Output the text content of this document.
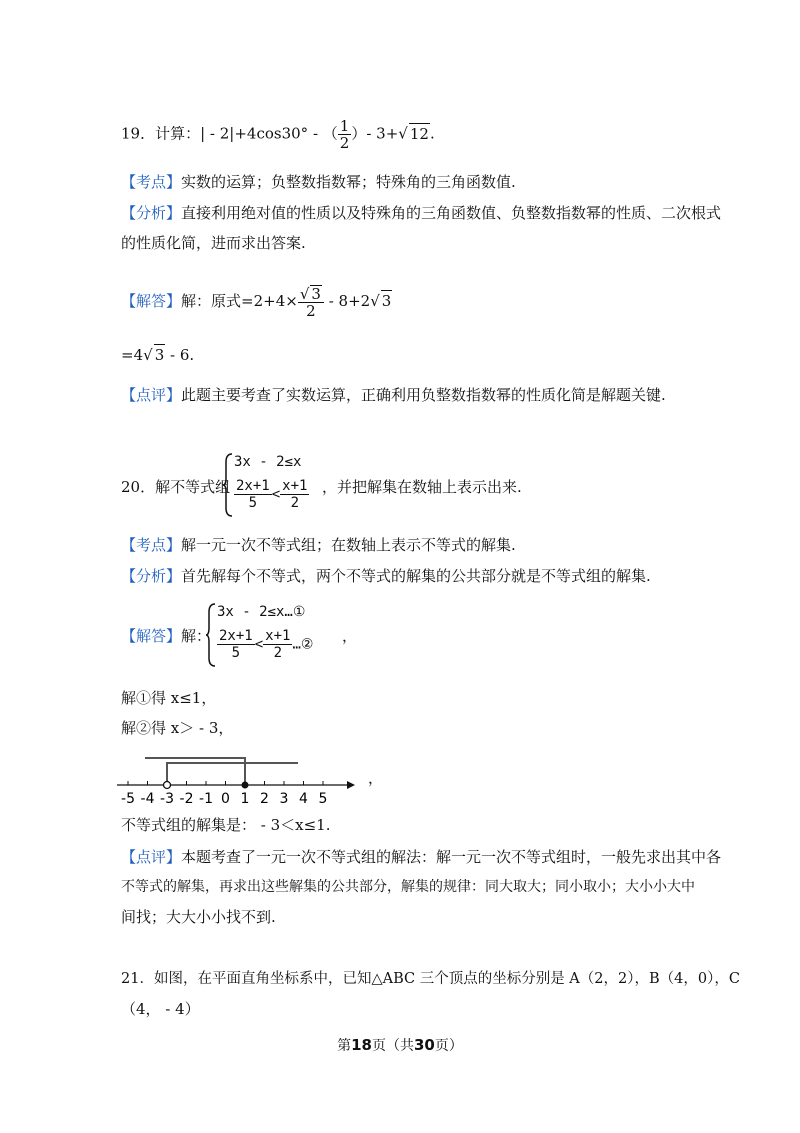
19．计算：| - 2|+4cos30° - （ $\frac{1}{2}$ ）- 3+√ 12.
【考点】实数的运算；负整数指数幂；特殊角的三角函数值.
【分析】直接利用绝对值的性质以及特殊角的三角函数值、负整数指数幂的性质、二次根式
的性质化简，进而求出答案.
【解答】解：原式$=2+4\times \frac{√ 3}{2} - 8+2√$ 3
=4√ 3 - 6.
【点评】此题主要考查了实数运算，正确利用负整数指数幂的性质化简是解题关键.
20．解不等式组
3x - 2≤x
$\frac{2x+1}{5} < \frac{x+1}{2}$ ，并把解集在数轴上表示出来.
【考点】解一元一次不等式组；在数轴上表示不等式的解集.
【分析】首先解每个不等式，两个不等式的解集的公共部分就是不等式组的解集.
【解答】解：
3x - 2≤x…①
$\frac{2x+1}{5} < \frac{x+1}{2}$ …② ，
解①得 x≤1，
解②得 x＞ - 3，
-5 -4 -3 -2 -1 0 1 2 3 4 5
，
不等式组的解集是： - 3＜x≤1.
【点评】本题考查了一元一次不等式组的解法：解一元一次不等式组时，一般先求出其中各
不等式的解集，再求出这些解集的公共部分，解集的规律：同大取大；同小取小；大小小大中
间找；大大小小找不到.
21．如图，在平面直角坐标系中，已知△ABC 三个顶点的坐标分别是 A（2，2），B（4，0），C
（4， - 4）
第18页（共30页）
